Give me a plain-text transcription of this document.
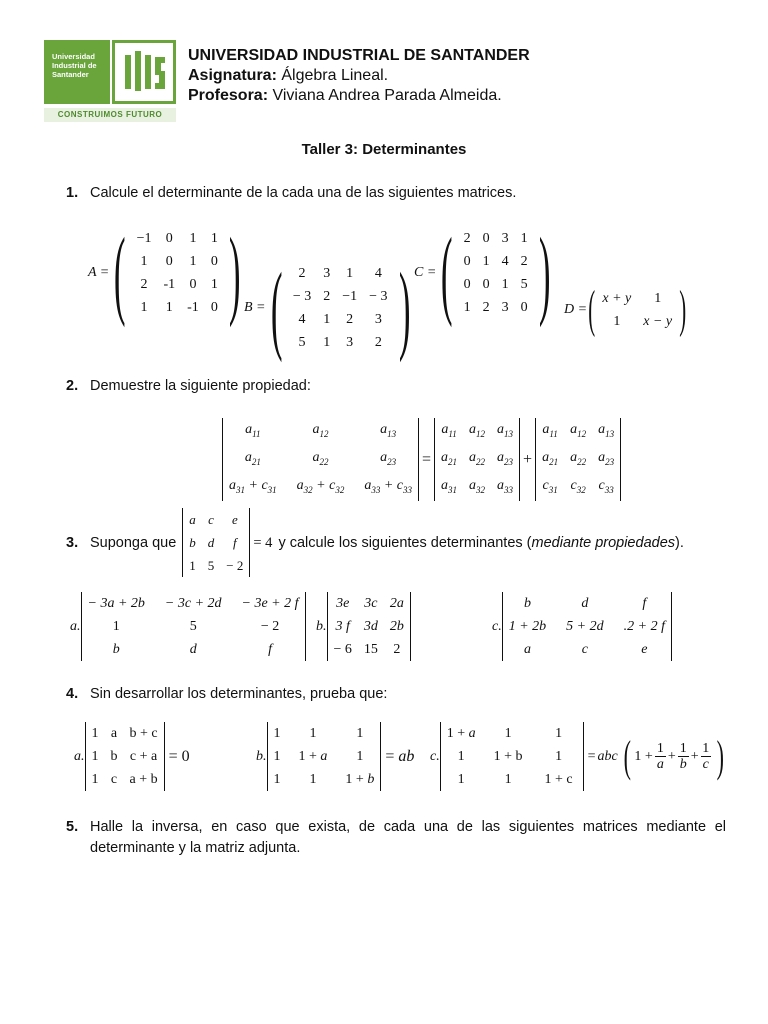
Universidad
Industrial de
Santander
CONSTRUIMOS FUTURO
UNIVERSIDAD INDUSTRIAL DE SANTANDER
Asignatura: Álgebra Lineal.
Profesora: Viviana Andrea Parada Almeida.
Taller 3: Determinantes
1. Calcule el determinante de la cada una de las siguientes matrices.
A = ( −1	0	1	1
1	0	1	0
2	-1	0	1
1	1	-1	0 ) B = ( 2	3	1	4
− 3	2	−1	− 3
4	1	2	3
5	1	3	2 ) C = ( 2	0	3	1
0	1	4	2
0	0	1	5
1	2	3	0 ) D = ( x + y	1
1	x − y )
2. Demuestre la siguiente propiedad:
$a_{11}$	$a_{12}$	$a_{13}$
$a_{21}$	$a_{22}$	$a_{23}$
$a_{31} + c_{31}$	$a_{32} + c_{32}$	$a_{33} + c_{33}$
=
$a_{11}$	$a_{12}$	$a_{13}$
$a_{21}$	$a_{22}$	$a_{23}$
$a_{31}$	$a_{32}$	$a_{33}$
+
$a_{11}$	$a_{12}$	$a_{13}$
$a_{21}$	$a_{22}$	$a_{23}$
$c_{31}$	$c_{32}$	$c_{33}$
3. Suponga que
a	c	e
b	d	f
1	5	− 2
= 4 y calcule los siguientes determinantes ( mediante propiedades ).
a.
− 3a + 2b	− 3c + 2d	− 3e + 2 f
1	5	− 2
b	d	f
b.
3e	3c	2a
3 f	3d	2b
− 6	15	2
c.
b	d	f
1 + 2b	5 + 2d	.2 + 2 f
a	c	e
4. Sin desarrollar los determinantes, prueba que:
a.
1	a	b + c
1	b	c + a
1	c	a + b
= 0	b.
1	1	1
1	1 + a	1
1	1	1 + b
= ab c.
1 + a	1	1
1	1 + b	1
1	1	1 + c
= abc ( 1 + 1
a
+ 1
b
+ 1
c )
5. Halle la inversa, en caso que exista, de cada una de las siguientes matrices mediante el determinante y la matriz adjunta.
